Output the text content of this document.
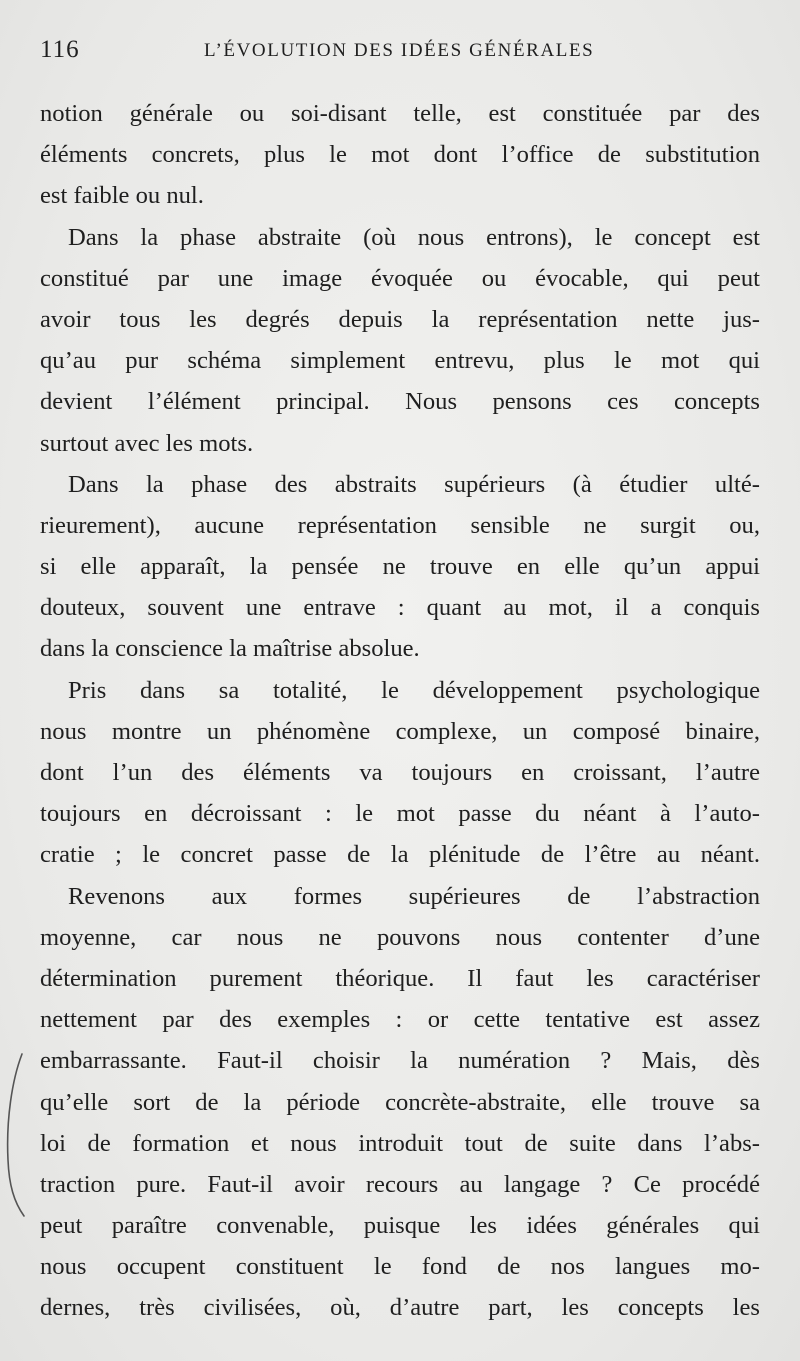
116	L’ÉVOLUTION DES IDÉES GÉNÉRALES
notion générale ou soi-disant telle, est constituée par des
éléments concrets, plus le mot dont l’office de substitution
est faible ou nul.
Dans la phase abstraite (où nous entrons), le concept est
constitué par une image évoquée ou évocable, qui peut
avoir tous les degrés depuis la représentation nette jus-
qu’au pur schéma simplement entrevu, plus le mot qui
devient l’élément principal. Nous pensons ces concepts
surtout avec les mots.
Dans la phase des abstraits supérieurs (à étudier ulté-
rieurement), aucune représentation sensible ne surgit ou,
si elle apparaît, la pensée ne trouve en elle qu’un appui
douteux, souvent une entrave : quant au mot, il a conquis
dans la conscience la maîtrise absolue.
Pris dans sa totalité, le développement psychologique
nous montre un phénomène complexe, un composé binaire,
dont l’un des éléments va toujours en croissant, l’autre
toujours en décroissant : le mot passe du néant à l’auto-
cratie ; le concret passe de la plénitude de l’être au néant.
Revenons aux formes supérieures de l’abstraction
moyenne, car nous ne pouvons nous contenter d’une
détermination purement théorique. Il faut les caractériser
nettement par des exemples : or cette tentative est assez
embarrassante. Faut-il choisir la numération ? Mais, dès
qu’elle sort de la période concrète-abstraite, elle trouve sa
loi de formation et nous introduit tout de suite dans l’abs-
traction pure. Faut-il avoir recours au langage ? Ce procédé
peut paraître convenable, puisque les idées générales qui
nous occupent constituent le fond de nos langues mo-
dernes, très civilisées, où, d’autre part, les concepts les
